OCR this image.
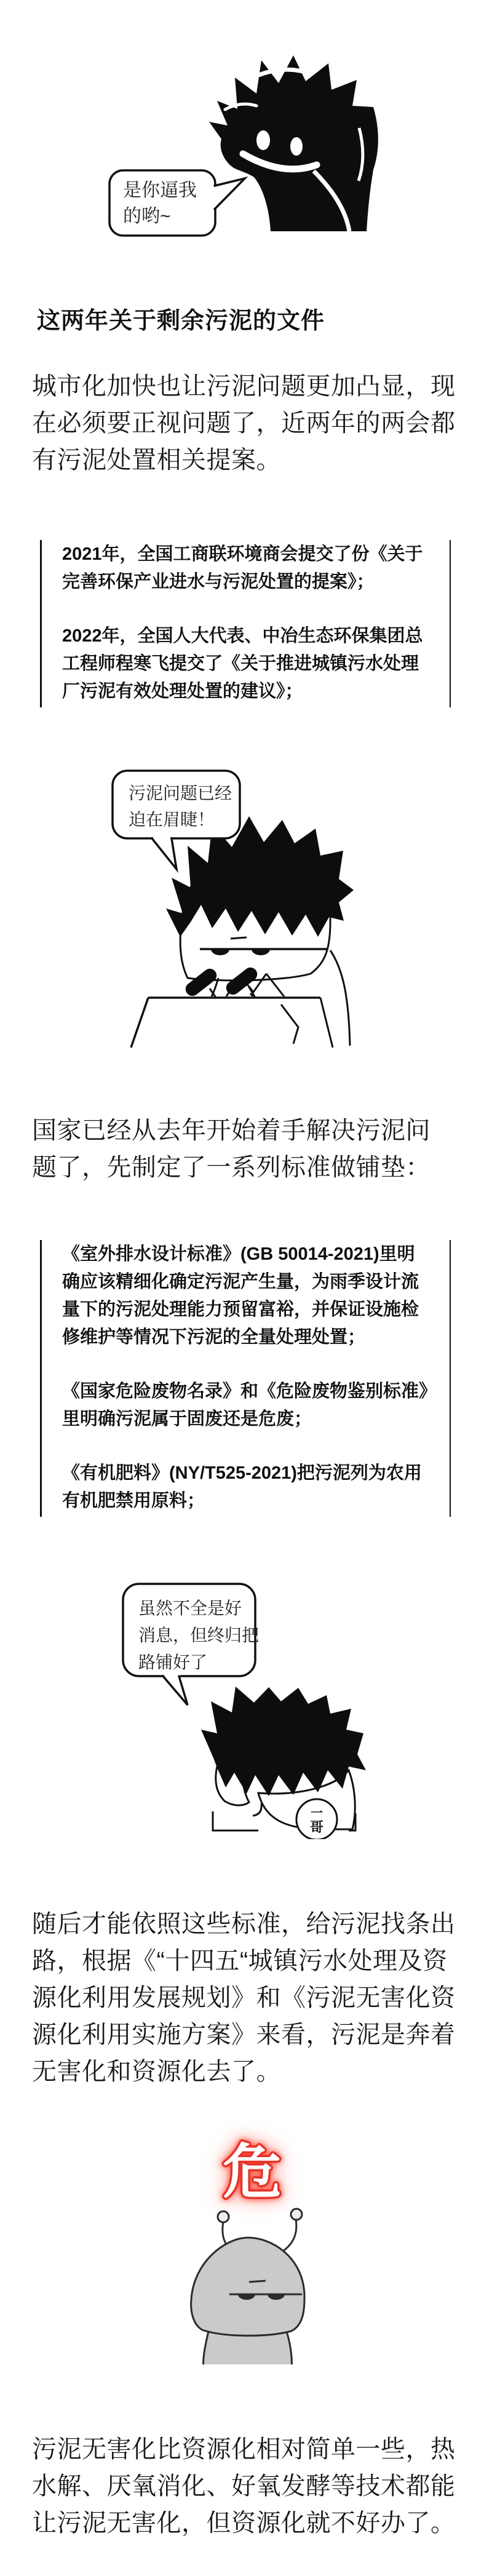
是你逼我
的哟~
这两年关于剩余污泥的文件
城市化加快也让污泥问题更加凸显，现
在必须要正视问题了，近两年的两会都
有污泥处置相关提案。
2021年，全国工商联环境商会提交了份《关于
完善环保产业进水与污泥处置的提案》；
2022年，全国人大代表、中冶生态环保集团总
工程师程寒飞提交了《关于推进城镇污水处理
厂污泥有效处理处置的建议》；
污泥问题已经
迫在眉睫！
国家已经从去年开始着手解决污泥问
题了，先制定了一系列标准做铺垫：
《室外排水设计标准》(GB 50014-2021)里明
确应该精细化确定污泥产生量，为雨季设计流
量下的污泥处理能力预留富裕，并保证设施检
修维护等情况下污泥的全量处理处置；
《国家危险废物名录》和《危险废物鉴别标准》
里明确污泥属于固废还是危废；
《有机肥料》(NY/T525-2021)把污泥列为农用
有机肥禁用原料；
一
哥
虽然不全是好
消息，但终归把
路铺好了
随后才能依照这些标准，给污泥找条出
路，根据《“十四五“城镇污水处理及资
源化利用发展规划》和《污泥无害化资
源化利用实施方案》来看，污泥是奔着
无害化和资源化去了。
危
污泥无害化比资源化相对简单一些，热
水解、厌氧消化、好氧发酵等技术都能
让污泥无害化，但资源化就不好办了。
